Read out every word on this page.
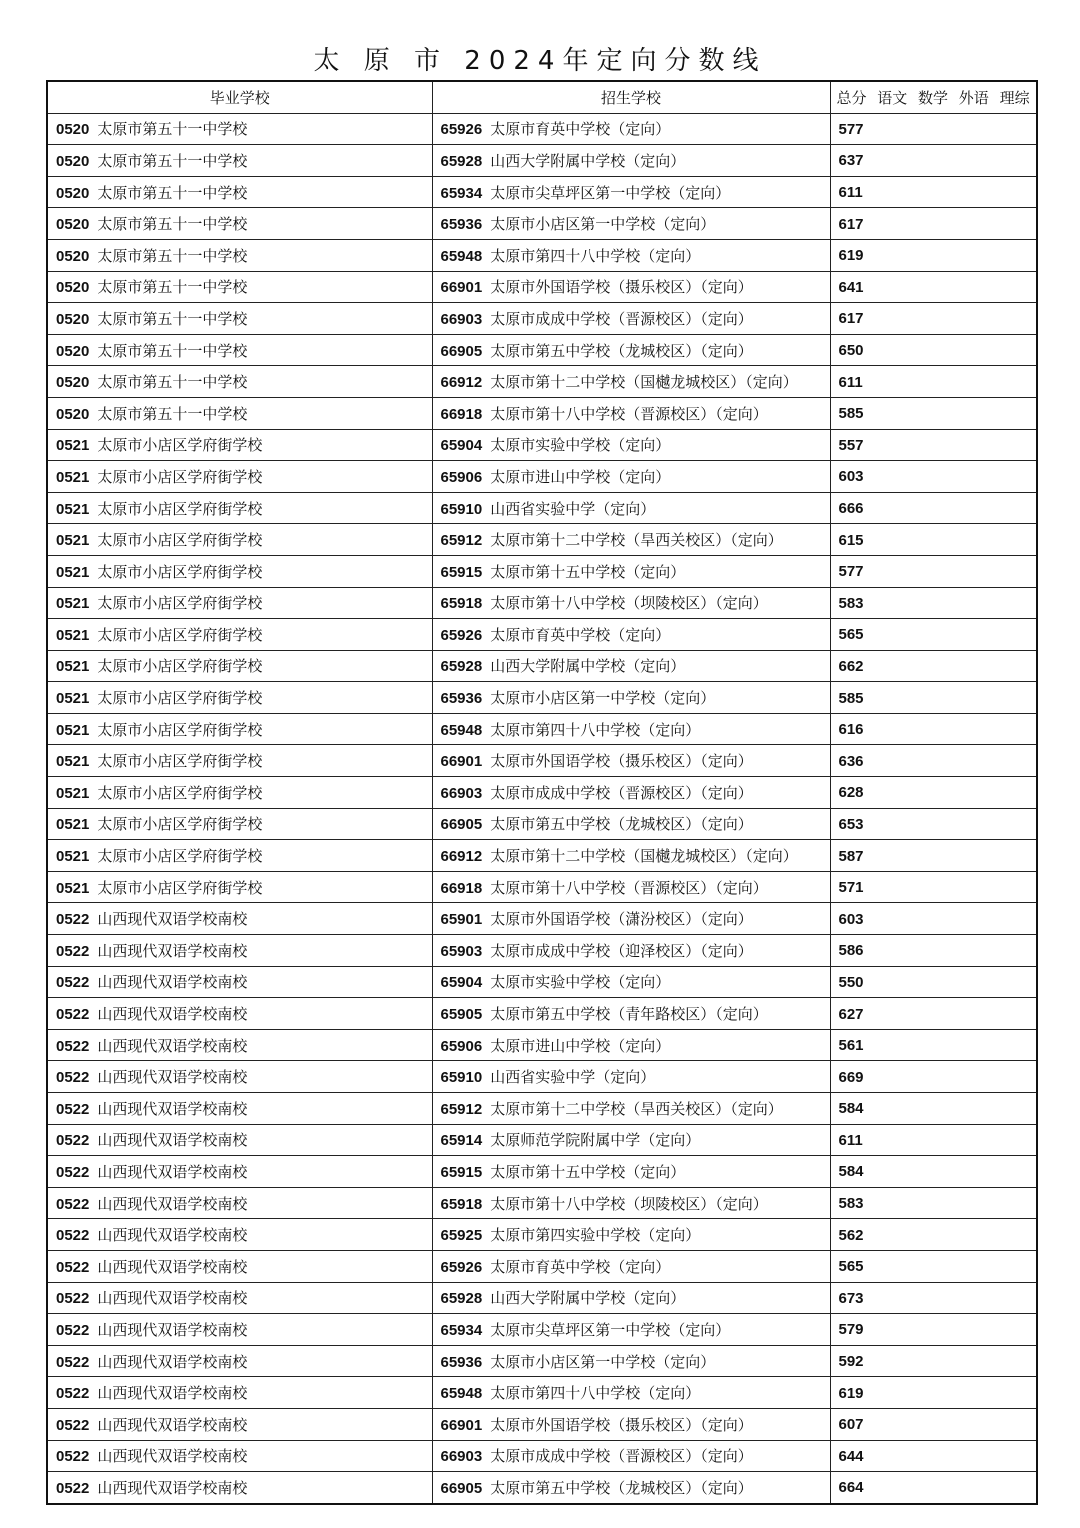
太 原 市 2024年定向分数线
毕业学校	招生学校	总分 语文 数学 外语 理综
0520 太原市第五十一中学校	65926 太原市育英中学校（定向）	577
0520 太原市第五十一中学校	65928 山西大学附属中学校（定向）	637
0520 太原市第五十一中学校	65934 太原市尖草坪区第一中学校（定向）	611
0520 太原市第五十一中学校	65936 太原市小店区第一中学校（定向）	617
0520 太原市第五十一中学校	65948 太原市第四十八中学校（定向）	619
0520 太原市第五十一中学校	66901 太原市外国语学校（摄乐校区）（定向）	641
0520 太原市第五十一中学校	66903 太原市成成中学校（晋源校区）（定向）	617
0520 太原市第五十一中学校	66905 太原市第五中学校（龙城校区）（定向）	650
0520 太原市第五十一中学校	66912 太原市第十二中学校（国樾龙城校区）（定向）	611
0520 太原市第五十一中学校	66918 太原市第十八中学校（晋源校区）（定向）	585
0521 太原市小店区学府街学校	65904 太原市实验中学校（定向）	557
0521 太原市小店区学府街学校	65906 太原市进山中学校（定向）	603
0521 太原市小店区学府街学校	65910 山西省实验中学（定向）	666
0521 太原市小店区学府街学校	65912 太原市第十二中学校（旱西关校区）（定向）	615
0521 太原市小店区学府街学校	65915 太原市第十五中学校（定向）	577
0521 太原市小店区学府街学校	65918 太原市第十八中学校（坝陵校区）（定向）	583
0521 太原市小店区学府街学校	65926 太原市育英中学校（定向）	565
0521 太原市小店区学府街学校	65928 山西大学附属中学校（定向）	662
0521 太原市小店区学府街学校	65936 太原市小店区第一中学校（定向）	585
0521 太原市小店区学府街学校	65948 太原市第四十八中学校（定向）	616
0521 太原市小店区学府街学校	66901 太原市外国语学校（摄乐校区）（定向）	636
0521 太原市小店区学府街学校	66903 太原市成成中学校（晋源校区）（定向）	628
0521 太原市小店区学府街学校	66905 太原市第五中学校（龙城校区）（定向）	653
0521 太原市小店区学府街学校	66912 太原市第十二中学校（国樾龙城校区）（定向）	587
0521 太原市小店区学府街学校	66918 太原市第十八中学校（晋源校区）（定向）	571
0522 山西现代双语学校南校	65901 太原市外国语学校（潇汾校区）（定向）	603
0522 山西现代双语学校南校	65903 太原市成成中学校（迎泽校区）（定向）	586
0522 山西现代双语学校南校	65904 太原市实验中学校（定向）	550
0522 山西现代双语学校南校	65905 太原市第五中学校（青年路校区）（定向）	627
0522 山西现代双语学校南校	65906 太原市进山中学校（定向）	561
0522 山西现代双语学校南校	65910 山西省实验中学（定向）	669
0522 山西现代双语学校南校	65912 太原市第十二中学校（旱西关校区）（定向）	584
0522 山西现代双语学校南校	65914 太原师范学院附属中学（定向）	611
0522 山西现代双语学校南校	65915 太原市第十五中学校（定向）	584
0522 山西现代双语学校南校	65918 太原市第十八中学校（坝陵校区）（定向）	583
0522 山西现代双语学校南校	65925 太原市第四实验中学校（定向）	562
0522 山西现代双语学校南校	65926 太原市育英中学校（定向）	565
0522 山西现代双语学校南校	65928 山西大学附属中学校（定向）	673
0522 山西现代双语学校南校	65934 太原市尖草坪区第一中学校（定向）	579
0522 山西现代双语学校南校	65936 太原市小店区第一中学校（定向）	592
0522 山西现代双语学校南校	65948 太原市第四十八中学校（定向）	619
0522 山西现代双语学校南校	66901 太原市外国语学校（摄乐校区）（定向）	607
0522 山西现代双语学校南校	66903 太原市成成中学校（晋源校区）（定向）	644
0522 山西现代双语学校南校	66905 太原市第五中学校（龙城校区）（定向）	664
